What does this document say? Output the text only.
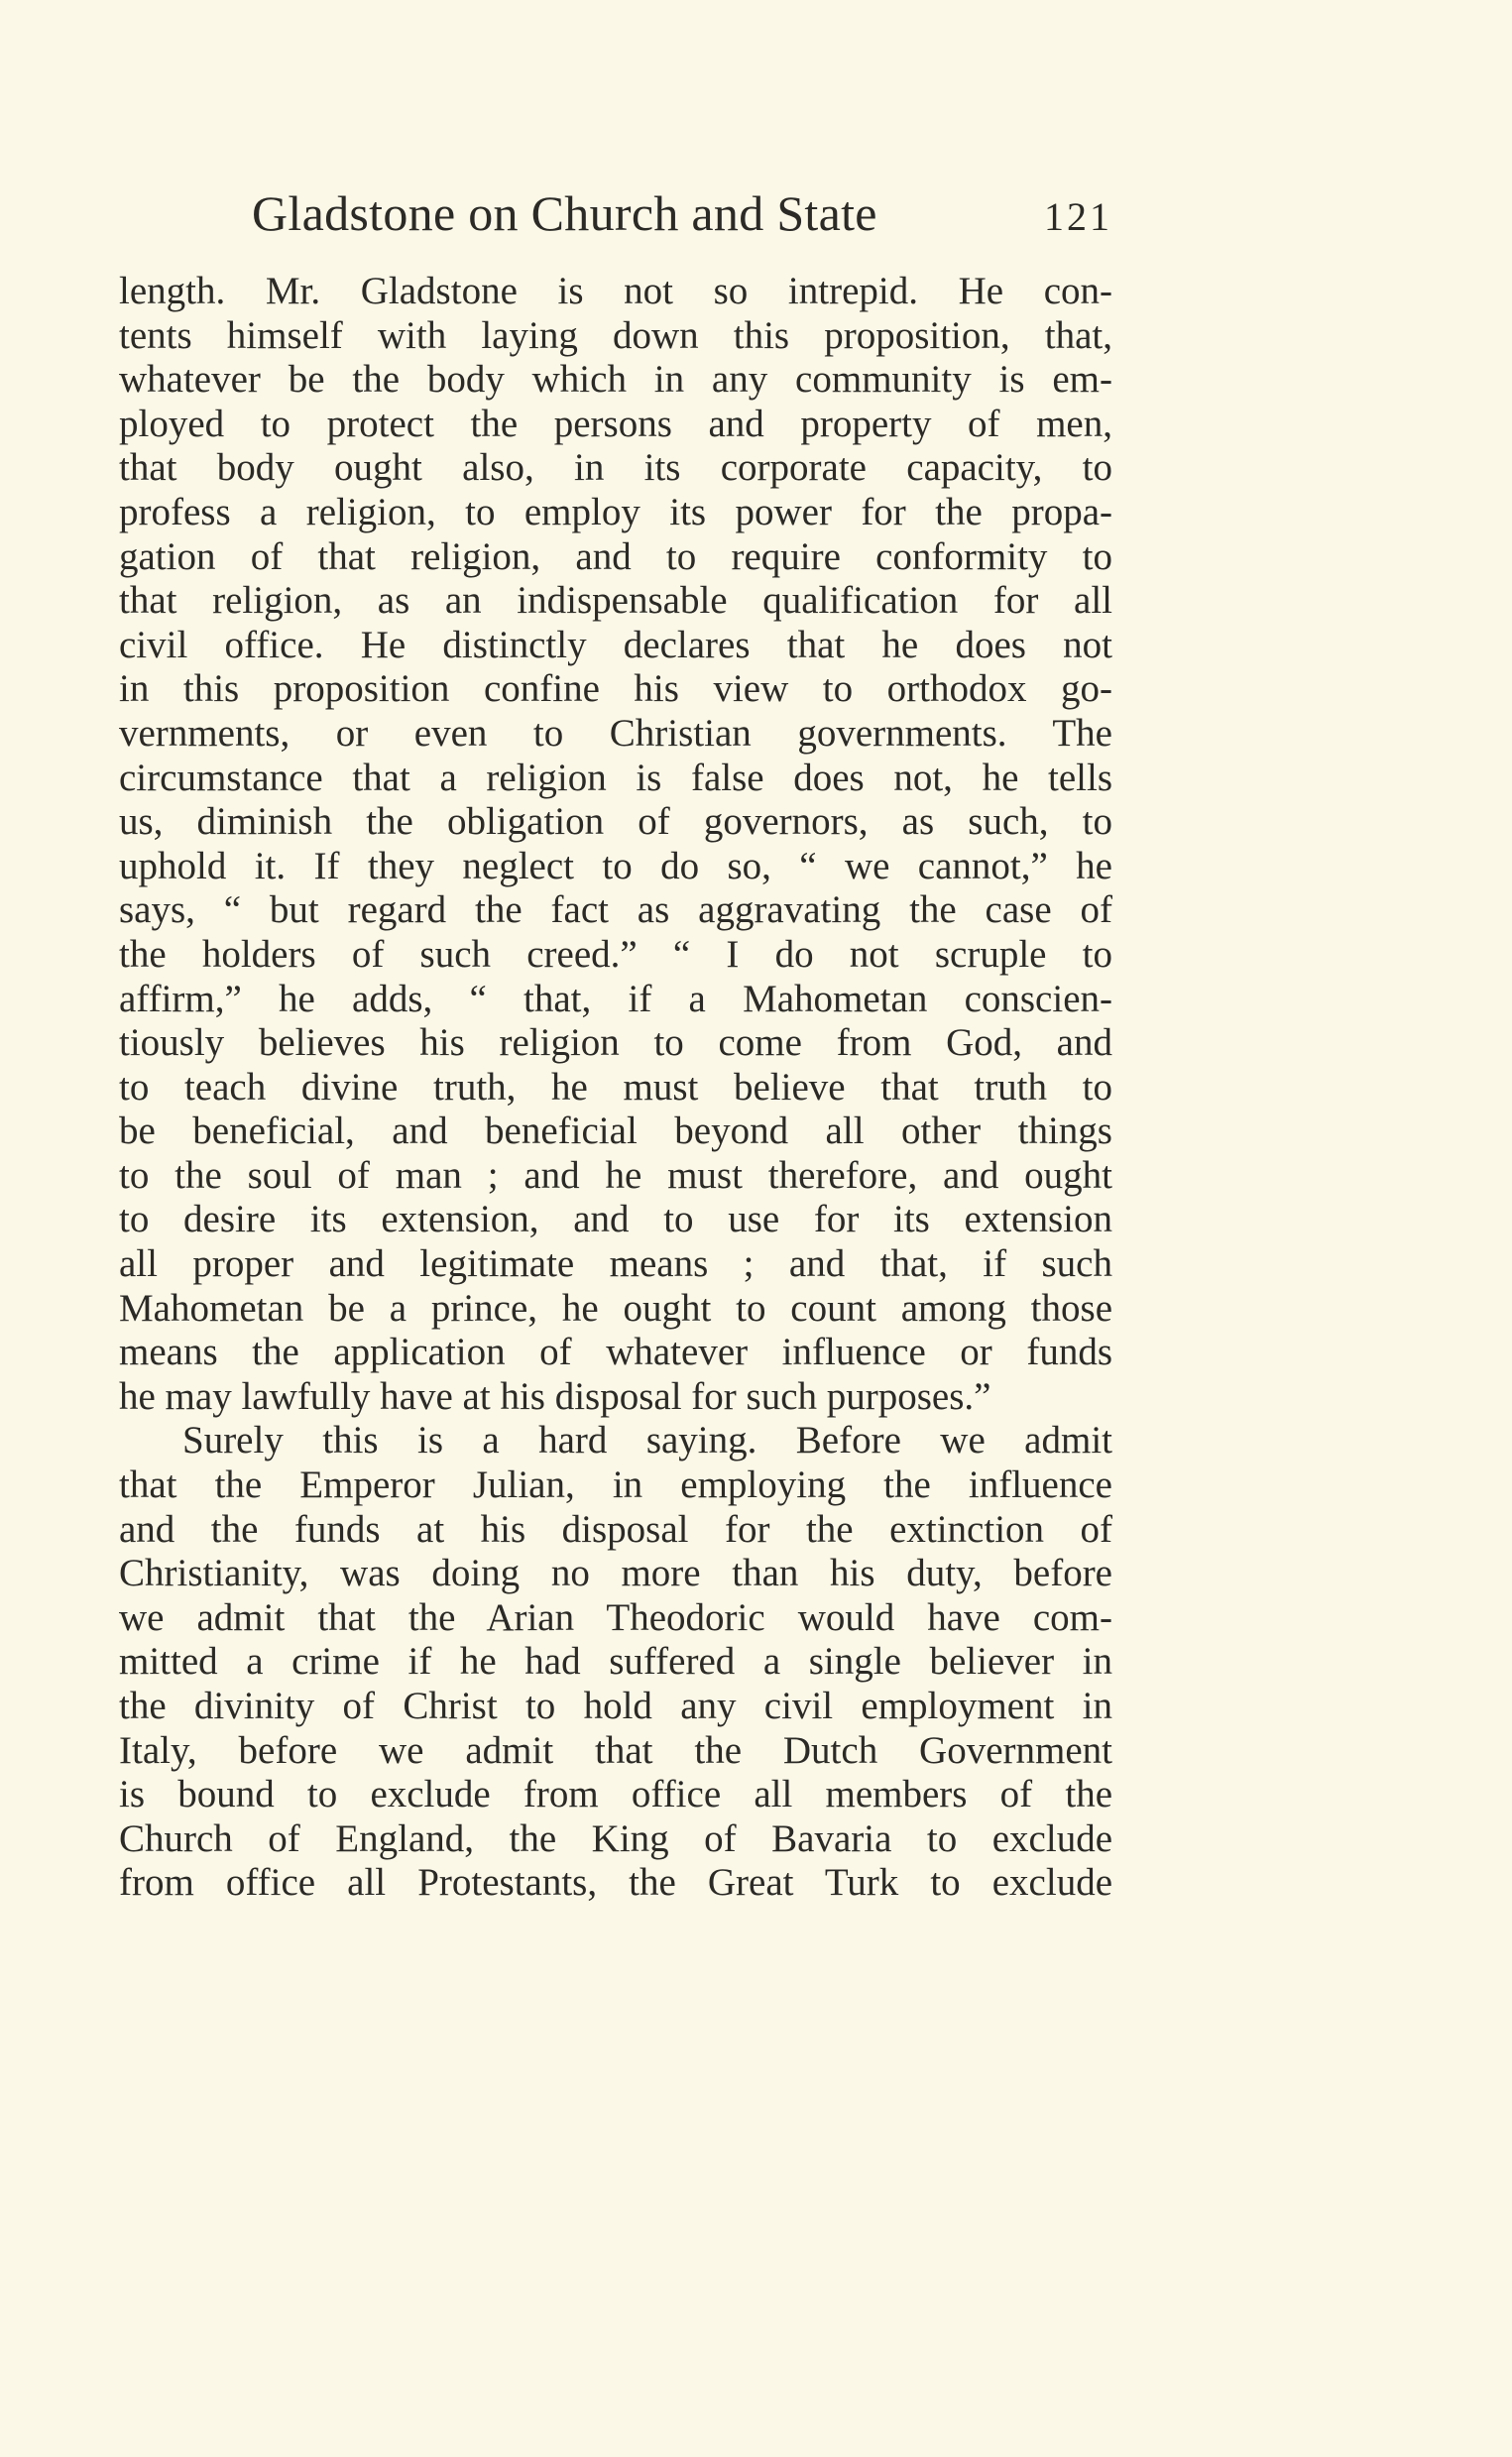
Gladstone on Church and State	121
length. Mr. Gladstone is not so intrepid. He con-
tents himself with laying down this proposition, that,
whatever be the body which in any community is em-
ployed to protect the persons and property of men,
that body ought also, in its corporate capacity, to
profess a religion, to employ its power for the propa-
gation of that religion, and to require conformity to
that religion, as an indispensable qualification for all
civil office. He distinctly declares that he does not
in this proposition confine his view to orthodox go-
vernments, or even to Christian governments. The
circumstance that a religion is false does not, he tells
us, diminish the obligation of governors, as such, to
uphold it. If they neglect to do so, “ we cannot,” he
says, “ but regard the fact as aggravating the case of
the holders of such creed.” “ I do not scruple to
affirm,” he adds, “ that, if a Mahometan conscien-
tiously believes his religion to come from God, and
to teach divine truth, he must believe that truth to
be beneficial, and beneficial beyond all other things
to the soul of man ; and he must therefore, and ought
to desire its extension, and to use for its extension
all proper and legitimate means ; and that, if such
Mahometan be a prince, he ought to count among those
means the application of whatever influence or funds
he may lawfully have at his disposal for such purposes.”
Surely this is a hard saying. Before we admit
that the Emperor Julian, in employing the influence
and the funds at his disposal for the extinction of
Christianity, was doing no more than his duty, before
we admit that the Arian Theodoric would have com-
mitted a crime if he had suffered a single believer in
the divinity of Christ to hold any civil employment in
Italy, before we admit that the Dutch Government
is bound to exclude from office all members of the
Church of England, the King of Bavaria to exclude
from office all Protestants, the Great Turk to exclude
